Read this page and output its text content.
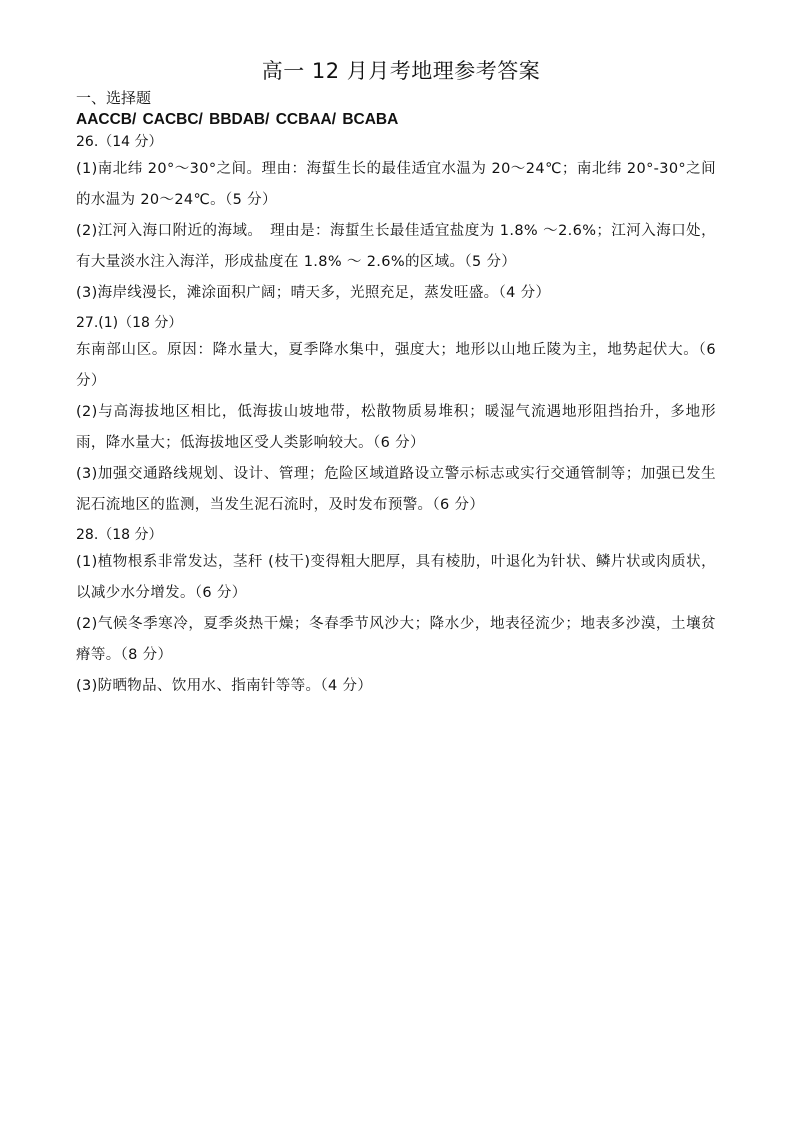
高一 12 月月考地理参考答案

一、选择题

AACCB/ CACBC/ BBDAB/ CCBAA/ BCABA

26.（14 分）

(1)南北纬 20°～30°之间。理由：海蜇生长的最佳适宜水温为 20～24℃；南北纬 20°-30°之间的水温为 20～24℃。（5 分）

(2)江河入海口附近的海域。　理由是：海蜇生长最佳适宜盐度为 1.8% ～2.6%；江河入海口处，有大量淡水注入海洋，形成盐度在 1.8% ～ 2.6%的区域。（5 分）

(3)海岸线漫长，滩涂面积广阔；晴天多，光照充足，蒸发旺盛。（4 分）

27.(1)（18 分）

东南部山区。原因：降水量大，夏季降水集中，强度大；地形以山地丘陵为主，地势起伏大。（6 分）

(2)与高海拔地区相比，低海拔山坡地带，松散物质易堆积；暖湿气流遇地形阻挡抬升，多地形雨，降水量大；低海拔地区受人类影响较大。（6 分）

(3)加强交通路线规划、设计、管理；危险区域道路设立警示标志或实行交通管制等；加强已发生泥石流地区的监测，当发生泥石流时，及时发布预警。（6 分）

28.（18 分）

(1)植物根系非常发达，茎秆 (枝干)变得粗大肥厚，具有棱肋，叶退化为针状、鳞片状或肉质状，以减少水分增发。（6 分）

(2)气候冬季寒冷，夏季炎热干燥；冬春季节风沙大；降水少，地表径流少；地表多沙漠，土壤贫瘠等。（8 分）

(3)防晒物品、饮用水、指南针等等。（4 分）
